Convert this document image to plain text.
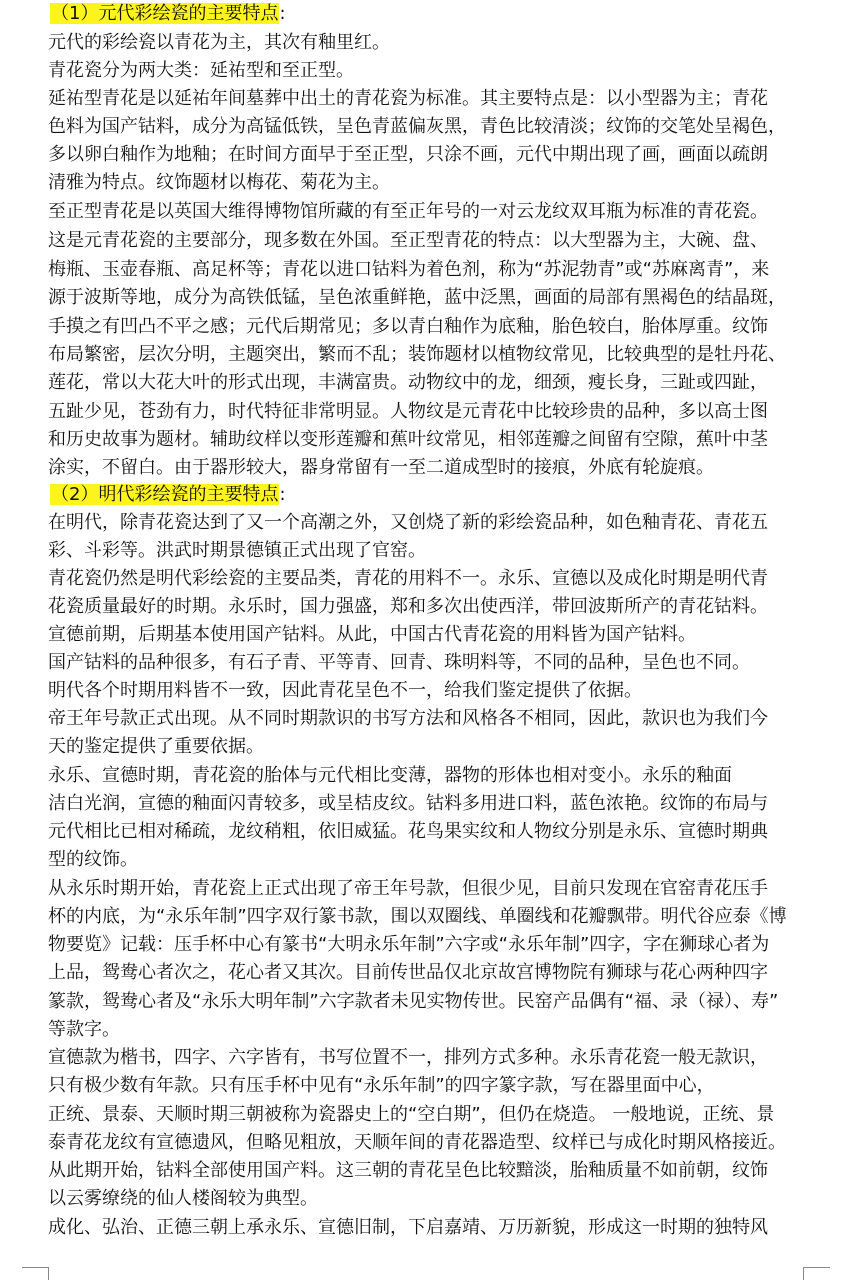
（1）元代彩绘瓷的主要特点:
元代的彩绘瓷以青花为主，其次有釉里红。
青花瓷分为两大类：延祐型和至正型。
延祐型青花是以延祐年间墓葬中出土的青花瓷为标准。其主要特点是：以小型器为主；青花
色料为国产钴料，成分为高锰低铁，呈色青蓝偏灰黑，青色比较清淡；纹饰的交笔处呈褐色，
多以卵白釉作为地釉；在时间方面早于至正型，只涂不画，元代中期出现了画，画面以疏朗
清雅为特点。纹饰题材以梅花、菊花为主。
至正型青花是以英国大维得博物馆所藏的有至正年号的一对云龙纹双耳瓶为标准的青花瓷。
这是元青花瓷的主要部分，现多数在外国。至正型青花的特点：以大型器为主，大碗、盘、
梅瓶、玉壶春瓶、高足杯等；青花以进口钴料为着色剂，称为“苏泥勃青”或“苏麻离青”，来
源于波斯等地，成分为高铁低锰，呈色浓重鲜艳，蓝中泛黑，画面的局部有黑褐色的结晶斑，
手摸之有凹凸不平之感；元代后期常见；多以青白釉作为底釉，胎色较白，胎体厚重。纹饰
布局繁密，层次分明，主题突出，繁而不乱；装饰题材以植物纹常见，比较典型的是牡丹花、
莲花，常以大花大叶的形式出现，丰满富贵。动物纹中的龙，细颈，瘦长身，三趾或四趾，
五趾少见，苍劲有力，时代特征非常明显。人物纹是元青花中比较珍贵的品种，多以高士图
和历史故事为题材。辅助纹样以变形莲瓣和蕉叶纹常见，相邻莲瓣之间留有空隙，蕉叶中茎
涂实，不留白。由于器形较大，器身常留有一至二道成型时的接痕，外底有轮旋痕。
（2）明代彩绘瓷的主要特点:
在明代，除青花瓷达到了又一个高潮之外，又创烧了新的彩绘瓷品种，如色釉青花、青花五
彩、斗彩等。洪武时期景德镇正式出现了官窑。
青花瓷仍然是明代彩绘瓷的主要品类，青花的用料不一。永乐、宣德以及成化时期是明代青
花瓷质量最好的时期。永乐时，国力强盛，郑和多次出使西洋，带回波斯所产的青花钴料。
宣德前期，后期基本使用国产钴料。从此，中国古代青花瓷的用料皆为国产钴料。
国产钴料的品种很多，有石子青、平等青、回青、珠明料等，不同的品种，呈色也不同。
明代各个时期用料皆不一致，因此青花呈色不一，给我们鉴定提供了依据。
帝王年号款正式出现。从不同时期款识的书写方法和风格各不相同，因此，款识也为我们今
天的鉴定提供了重要依据。
永乐、宣德时期，青花瓷的胎体与元代相比变薄，器物的形体也相对变小。永乐的釉面
洁白光润，宣德的釉面闪青较多，或呈桔皮纹。钴料多用进口料，蓝色浓艳。纹饰的布局与
元代相比已相对稀疏，龙纹稍粗，依旧威猛。花鸟果实纹和人物纹分别是永乐、宣德时期典
型的纹饰。
从永乐时期开始，青花瓷上正式出现了帝王年号款，但很少见，目前只发现在官窑青花压手
杯的内底，为“永乐年制”四字双行篆书款，围以双圈线、单圈线和花瓣飘带。明代谷应泰《博
物要览》记载：压手杯中心有篆书“大明永乐年制”六字或“永乐年制”四字，字在狮球心者为
上品，鸳鸯心者次之，花心者又其次。目前传世品仅北京故宫博物院有狮球与花心两种四字
篆款，鸳鸯心者及“永乐大明年制”六字款者未见实物传世。民窑产品偶有“福、录（禄）、寿”
等款字。
宣德款为楷书，四字、六字皆有，书写位置不一，排列方式多种。永乐青花瓷一般无款识，
只有极少数有年款。只有压手杯中见有“永乐年制”的四字篆字款，写在器里面中心，
正统、景泰、天顺时期三朝被称为瓷器史上的“空白期”，但仍在烧造。 一般地说，正统、景
泰青花龙纹有宣德遗风，但略见粗放，天顺年间的青花器造型、纹样已与成化时期风格接近。
从此期开始，钴料全部使用国产料。这三朝的青花呈色比较黯淡，胎釉质量不如前朝，纹饰
以云雾缭绕的仙人楼阁较为典型。
成化、弘治、正德三朝上承永乐、宣德旧制，下启嘉靖、万历新貌，形成这一时期的独特风
